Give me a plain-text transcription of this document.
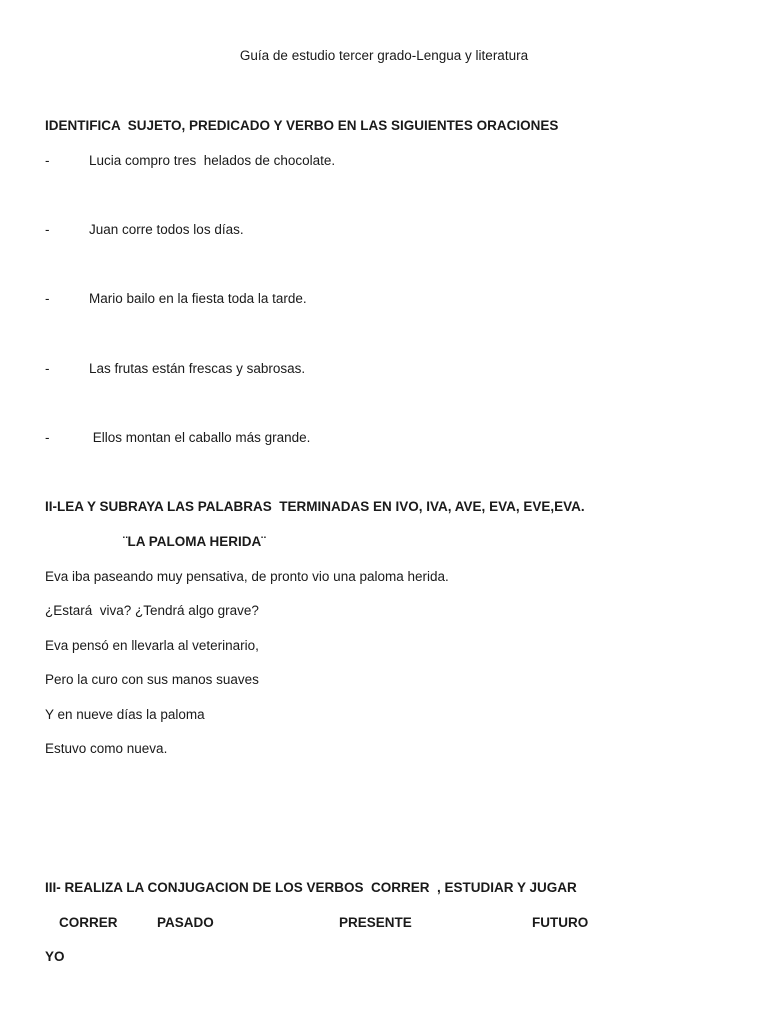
Guía de estudio tercer grado-Lengua y literatura
IDENTIFICA  SUJETO, PREDICADO Y VERBO EN LAS SIGUIENTES ORACIONES
-	Lucia compro tres  helados de chocolate.
-	Juan corre todos los días.
-	Mario bailo en la fiesta toda la tarde.
-	Las frutas están frescas y sabrosas.
-	Ellos montan el caballo más grande.
II-LEA Y SUBRAYA LAS PALABRAS  TERMINADAS EN IVO, IVA, AVE, EVA, EVE,EVA.
¨LA PALOMA HERIDA¨
Eva iba paseando muy pensativa, de pronto vio una paloma herida.
¿Estará  viva? ¿Tendrá algo grave?
Eva pensó en llevarla al veterinario,
Pero la curo con sus manos suaves
Y en nueve días la paloma
Estuvo como nueva.
III- REALIZA LA CONJUGACION DE LOS VERBOS  CORRER  , ESTUDIAR Y JUGAR
CORRER	PASADO	PRESENTE	FUTURO
YO
